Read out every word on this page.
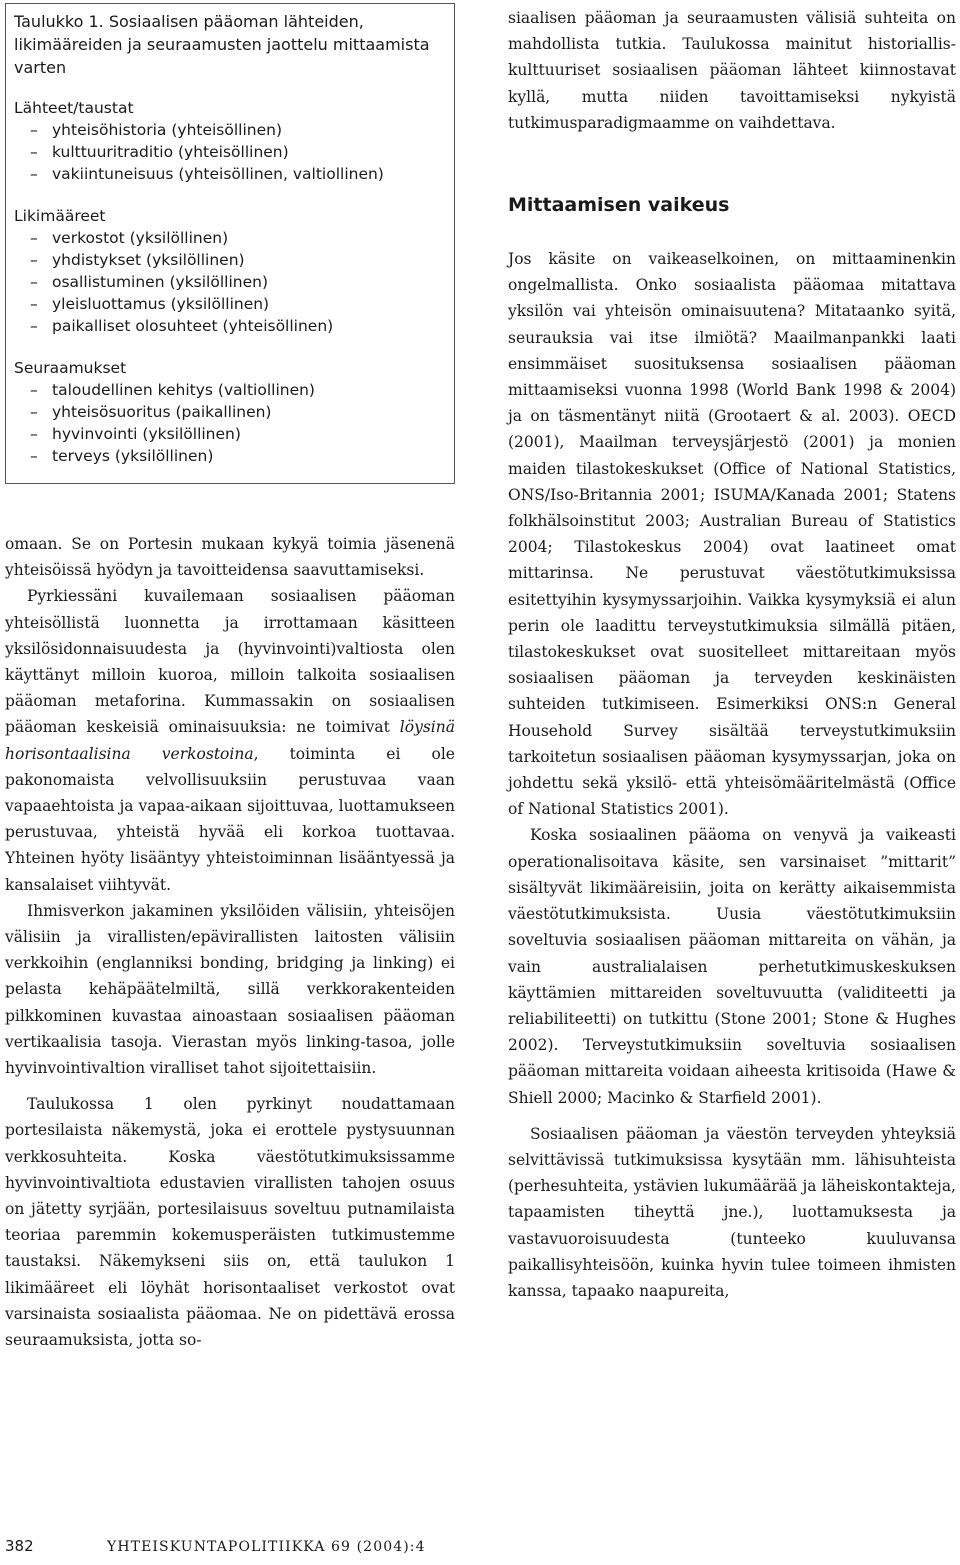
Taulukko 1. Sosiaalisen pääoman lähteiden, likimääreiden ja seuraamusten jaottelu mittaamista varten
Lähteet/taustat
– yhteisöhistoria (yhteisöllinen)
– kulttuuritraditio (yhteisöllinen)
– vakiintuneisuus (yhteisöllinen, valtiollinen)
Likimääreet
– verkostot (yksilöllinen)
– yhdistykset (yksilöllinen)
– osallistuminen (yksilöllinen)
– yleisluottamus (yksilöllinen)
– paikalliset olosuhteet (yhteisöllinen)
Seuraamukset
– taloudellinen kehitys (valtiollinen)
– yhteisösuoritus (paikallinen)
– hyvinvointi (yksilöllinen)
– terveys (yksilöllinen)

omaan. Se on Portesin mukaan kykyä toimia jäsenenä yhteisöissä hyödyn ja tavoitteidensa saavuttamiseksi.

Pyrkiessäni kuvailemaan sosiaalisen pääoman yhteisöllistä luonnetta ja irrottamaan käsitteen yksilösidonnaisuudesta ja (hyvinvointi)valtiosta olen käyttänyt milloin kuoroa, milloin talkoita sosiaalisen pääoman metaforina. Kummassakin on sosiaalisen pääoman keskeisiä ominaisuuksia: ne toimivat löysinä horisontaalisina verkostoina, toiminta ei ole pakonomaista velvollisuuksiin perustuvaa vaan vapaaehtoista ja vapaa-aikaan sijoittuvaa, luottamukseen perustuvaa, yhteistä hyvää eli korkoa tuottavaa. Yhteinen hyöty lisääntyy yhteistoiminnan lisääntyessä ja kansalaiset viihtyvät.

Ihmisverkon jakaminen yksilöiden välisiin, yhteisöjen välisiin ja virallisten/epävirallisten laitosten välisiin verkkoihin (englanniksi bonding, bridging ja linking) ei pelasta kehäpäätelmiltä, sillä verkkorakenteiden pilkkominen kuvastaa ainoastaan sosiaalisen pääoman vertikaalisia tasoja. Vierastan myös linking-tasoa, jolle hyvinvointivaltion viralliset tahot sijoitettaisiin.

Taulukossa 1 olen pyrkinyt noudattamaan portesilaista näkemystä, joka ei erottele pystysuunnan verkkosuhteita. Koska väestötutkimuksissamme hyvinvointivaltiota edustavien virallisten tahojen osuus on jätetty syrjään, portesilaisuus soveltuu putnamilaista teoriaa paremmin kokemusperäisten tutkimustemme taustaksi. Näkemykseni siis on, että taulukon 1 likimääreet eli löyhät horisontaaliset verkostot ovat varsinaista sosiaalista pääomaa. Ne on pidettävä erossa seuraamuksista, jotta so-

siaalisen pääoman ja seuraamusten välisiä suhteita on mahdollista tutkia. Taulukossa mainitut historiallis-kulttuuriset sosiaalisen pääoman lähteet kiinnostavat kyllä, mutta niiden tavoittamiseksi nykyistä tutkimusparadigmaamme on vaihdettava.

Mittaamisen vaikeus

Jos käsite on vaikeaselkoinen, on mittaaminenkin ongelmallista. Onko sosiaalista pääomaa mitattava yksilön vai yhteisön ominaisuutena? Mitataanko syitä, seurauksia vai itse ilmiötä? Maailmanpankki laati ensimmäiset suosituksensa sosiaalisen pääoman mittaamiseksi vuonna 1998 (World Bank 1998 & 2004) ja on täsmentänyt niitä (Grootaert & al. 2003). OECD (2001), Maailman terveysjärjestö (2001) ja monien maiden tilastokeskukset (Office of National Statistics, ONS/Iso-Britannia 2001; ISUMA/Kanada 2001; Statens folkhälsoinstitut 2003; Australian Bureau of Statistics 2004; Tilastokeskus 2004) ovat laatineet omat mittarinsa. Ne perustuvat väestötutkimuksissa esitettyihin kysymyssarjoihin. Vaikka kysymyksiä ei alun perin ole laadittu terveystutkimuksia silmällä pitäen, tilastokeskukset ovat suositelleet mittareitaan myös sosiaalisen pääoman ja terveyden keskinäisten suhteiden tutkimiseen. Esimerkiksi ONS:n General Household Survey sisältää terveystutkimuksiin tarkoitetun sosiaalisen pääoman kysymyssarjan, joka on johdettu sekä yksilö- että yhteisömääritelmästä (Office of National Statistics 2001).

Koska sosiaalinen pääoma on venyvä ja vaikeasti operationalisoitava käsite, sen varsinaiset ”mittarit” sisältyvät likimääreisiin, joita on kerätty aikaisemmista väestötutkimuksista. Uusia väestötutkimuksiin soveltuvia sosiaalisen pääoman mittareita on vähän, ja vain australialaisen perhetutkimuskeskuksen käyttämien mittareiden soveltuvuutta (validiteetti ja reliabiliteetti) on tutkittu (Stone 2001; Stone & Hughes 2002). Terveystutkimuksiin soveltuvia sosiaalisen pääoman mittareita voidaan aiheesta kritisoida (Hawe & Shiell 2000; Macinko & Starfield 2001).

Sosiaalisen pääoman ja väestön terveyden yhteyksiä selvittävissä tutkimuksissa kysytään mm. lähisuhteista (perhesuhteita, ystävien lukumäärää ja läheiskontakteja, tapaamisten tiheyttä jne.), luottamuksesta ja vastavuoroisuudesta (tunteeko kuuluvansa paikallisyhteisöön, kuinka hyvin tulee toimeen ihmisten kanssa, tapaako naapureita,

382	YHTEISKUNTAPOLITIIKKA 69 (2004):4
